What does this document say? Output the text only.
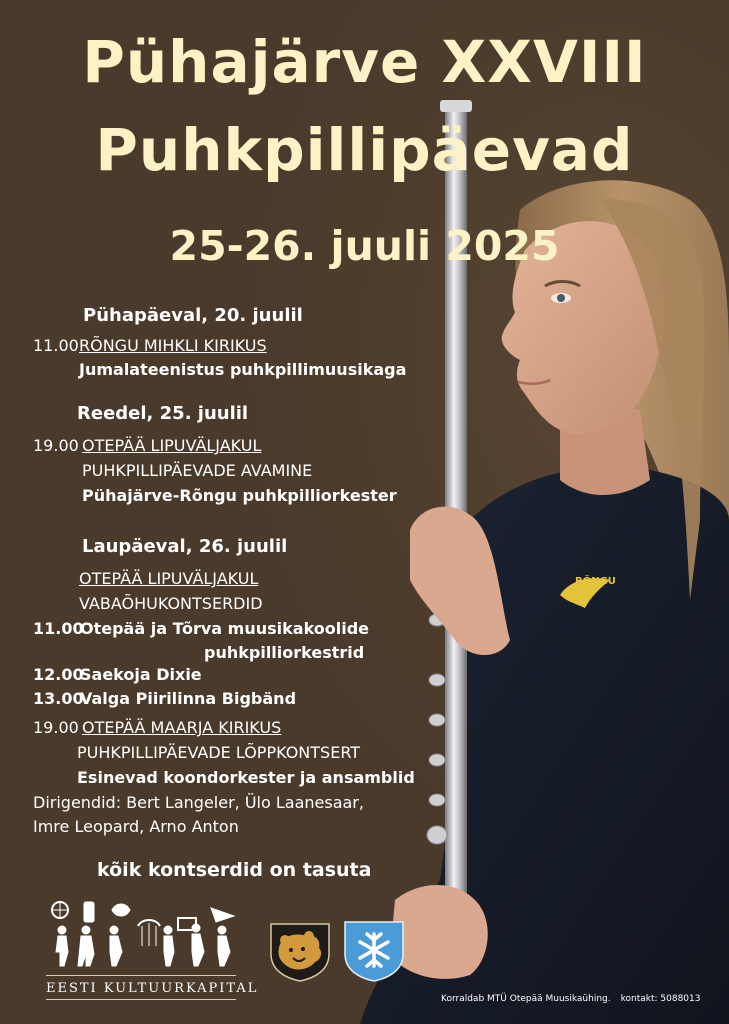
RÕNGU
Pühajärve XXVIII
Puhkpillipäevad
25-26. juuli 2025
Pühapäeval, 20. juulil
11.00 RÕNGU MIHKLI KIRIKUS
Jumalateenistus puhkpillimuusikaga
Reedel, 25. juulil
19.00 OTEPÄÄ LIPUVÄLJAKUL
PUHKPILLIPÄEVADE AVAMINE
Pühajärve-Rõngu puhkpilliorkester
Laupäeval, 26. juulil
OTEPÄÄ LIPUVÄLJAKUL
VABAÕHUKONTSERDID
11.00
Otepää ja Tõrva muusikakoolide
puhkpilliorkestrid
12.00
Saekoja Dixie
13.00
Valga Piirilinna Bigbänd
19.00 OTEPÄÄ MAARJA KIRIKUS
PUHKPILLIPÄEVADE LÕPPKONTSERT
Esinevad koondorkester ja ansamblid
Dirigendid: Bert Langeler, Ülo Laanesaar,
Imre Leopard, Arno Anton
kõik kontserdid on tasuta
EESTI KULTUURKAPITAL
Korraldab MTÜ Otepää Muusikaühing. kontakt: 5088013
